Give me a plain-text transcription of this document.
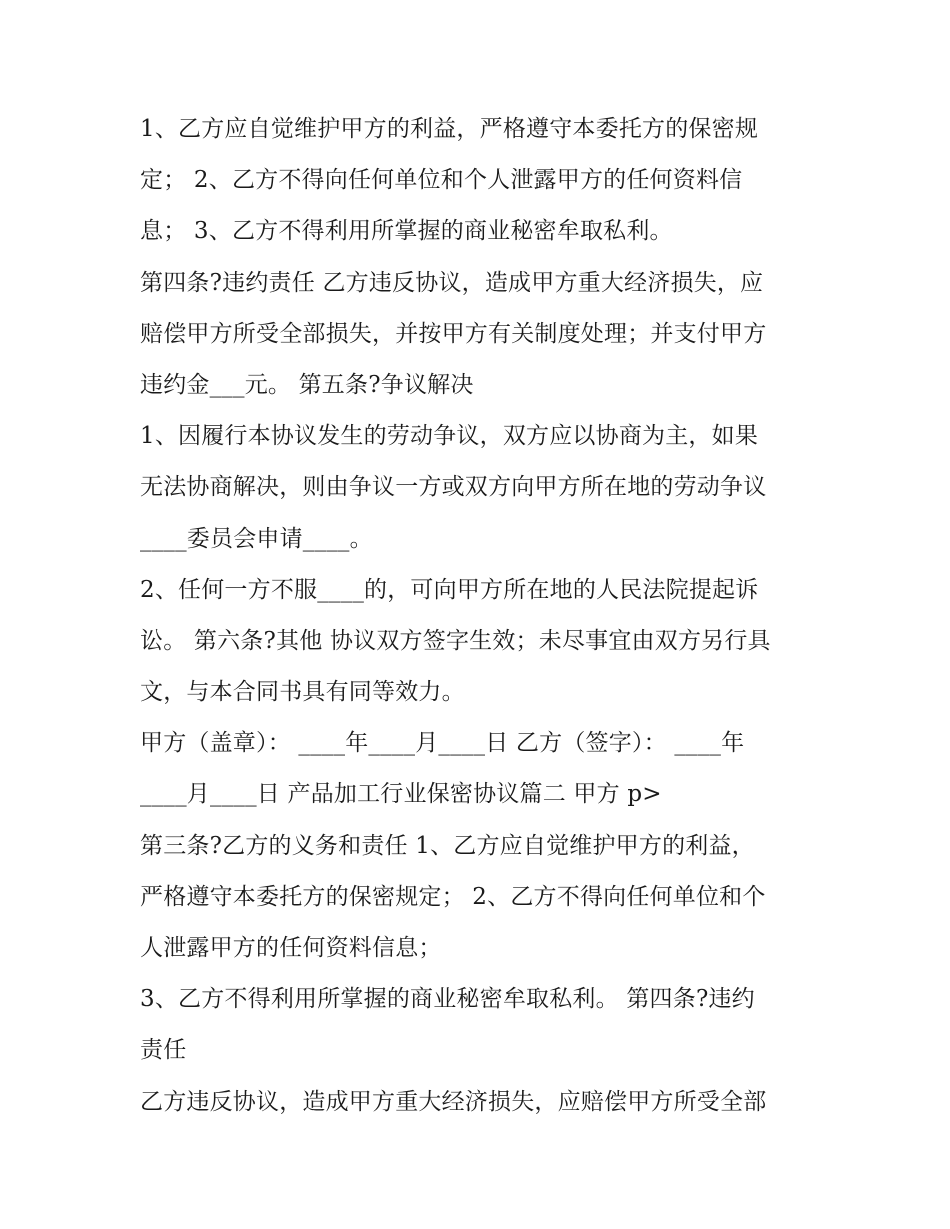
1、乙方应自觉维护甲方的利益，严格遵守本委托方的保密规
定； 2、乙方不得向任何单位和个人泄露甲方的任何资料信
息； 3、乙方不得利用所掌握的商业秘密牟取私利。
第四条?违约责任 乙方违反协议，造成甲方重大经济损失，应
赔偿甲方所受全部损失，并按甲方有关制度处理；并支付甲方
违约金___元。 第五条?争议解决
1、因履行本协议发生的劳动争议，双方应以协商为主，如果
无法协商解决，则由争议一方或双方向甲方所在地的劳动争议
____委员会申请____。
2、任何一方不服____的，可向甲方所在地的人民法院提起诉
讼。 第六条?其他 协议双方签字生效；未尽事宜由双方另行具
文，与本合同书具有同等效力。
甲方（盖章）： ____年____月____日 乙方（签字）： ____年
____月____日 产品加工行业保密协议篇二 甲方 p>
第三条?乙方的义务和责任 1、乙方应自觉维护甲方的利益，
严格遵守本委托方的保密规定； 2、乙方不得向任何单位和个
人泄露甲方的任何资料信息；
3、乙方不得利用所掌握的商业秘密牟取私利。 第四条?违约
责任
乙方违反协议，造成甲方重大经济损失，应赔偿甲方所受全部
